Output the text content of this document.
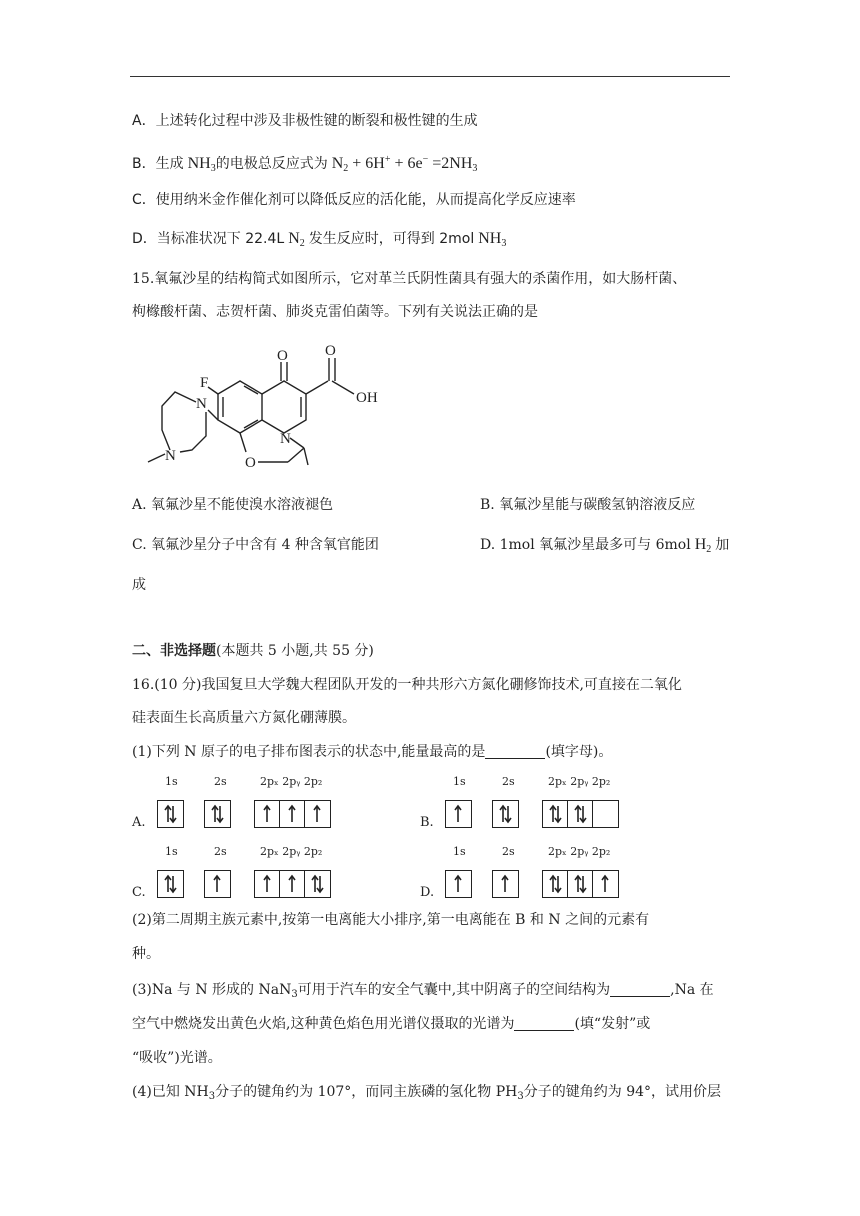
A．上述转化过程中涉及非极性键的断裂和极性键的生成
B．生成 $NH_3$的电极总反应式为 $N_2 + 6H^+ + 6e^- =2NH_3$
C．使用纳米金作催化剂可以降低反应的活化能，从而提高化学反应速率
D．当标准状况下 22.4L $N_2$ 发生反应时，可得到 2mol $NH_3$
15.氧氟沙星的结构简式如图所示，它对革兰氏阴性菌具有强大的杀菌作用，如大肠杆菌、
枸橼酸杆菌、志贺杆菌、肺炎克雷伯菌等。下列有关说法正确的是
O O
OH
F
N
O
N
N
A. 氧氟沙星不能使溴水溶液褪色	B. 氧氟沙星能与碳酸氢钠溶液反应
C. 氧氟沙星分子中含有 4 种含氧官能团	D. 1mol 氧氟沙星最多可与 6mol $H_2$ 加
成
二、非选择题(本题共 5 小题,共 55 分)
16.(10 分)我国复旦大学魏大程团队开发的一种共形六方氮化硼修饰技术,可直接在二氧化
硅表面生长高质量六方氮化硼薄膜。
(1)下列 N 原子的电子排布图表示的状态中,能量最高的是	(填字母)。
A.
1s	2s	2pₓ 2pᵧ 2p₂
B.
1s	2s	2pₓ 2pᵧ 2p₂
C.
1s	2s	2pₓ 2pᵧ 2p₂
D.
1s	2s	2pₓ 2pᵧ 2p₂
(2)第二周期主族元素中,按第一电离能大小排序,第一电离能在 B 和 N 之间的元素有
种。
(3)Na 与 N 形成的 NaN$_3$可用于汽车的安全气囊中,其中阴离子的空间结构为	,Na 在
空气中燃烧发出黄色火焰,这种黄色焰色用光谱仪摄取的光谱为	(填“发射”或
“吸收”)光谱。
(4)已知 $NH_3$分子的键角约为 107°，而同主族磷的氢化物 $PH_3$分子的键角约为 94°，试用价层
